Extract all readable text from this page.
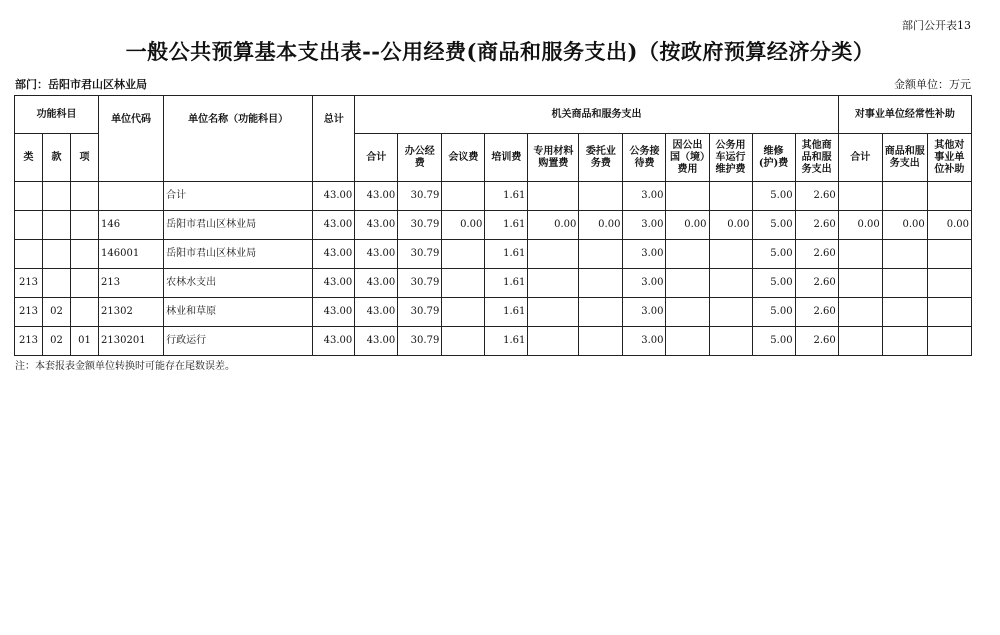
部门公开表13
一般公共预算基本支出表--公用经费(商品和服务支出)（按政府预算经济分类）
部门：岳阳市君山区林业局	金额单位：万元
功能科目			单位代码	单位名称（功能科目）	总计	机关商品和服务支出											对事业单位经常性补助		
类	款	项				合计	办公经费	会议费	培训费	专用材料购置费	委托业务费	公务接待费	因公出国（境）费用	公务用车运行维护费	维修(护)费	其他商品和服务支出	合计	商品和服务支出	其他对事业单位补助
				合计	43.00	43.00	30.79		1.61			3.00			5.00	2.60			
			146	岳阳市君山区林业局	43.00	43.00	30.79	0.00	1.61	0.00	0.00	3.00	0.00	0.00	5.00	2.60	0.00	0.00	0.00
			146001	岳阳市君山区林业局	43.00	43.00	30.79		1.61			3.00			5.00	2.60			
213			213	农林水支出	43.00	43.00	30.79		1.61			3.00			5.00	2.60			
213	02		21302	林业和草原	43.00	43.00	30.79		1.61			3.00			5.00	2.60			
213	02	01	2130201	行政运行	43.00	43.00	30.79		1.61			3.00			5.00	2.60			
注：本套报表金额单位转换时可能存在尾数误差。
